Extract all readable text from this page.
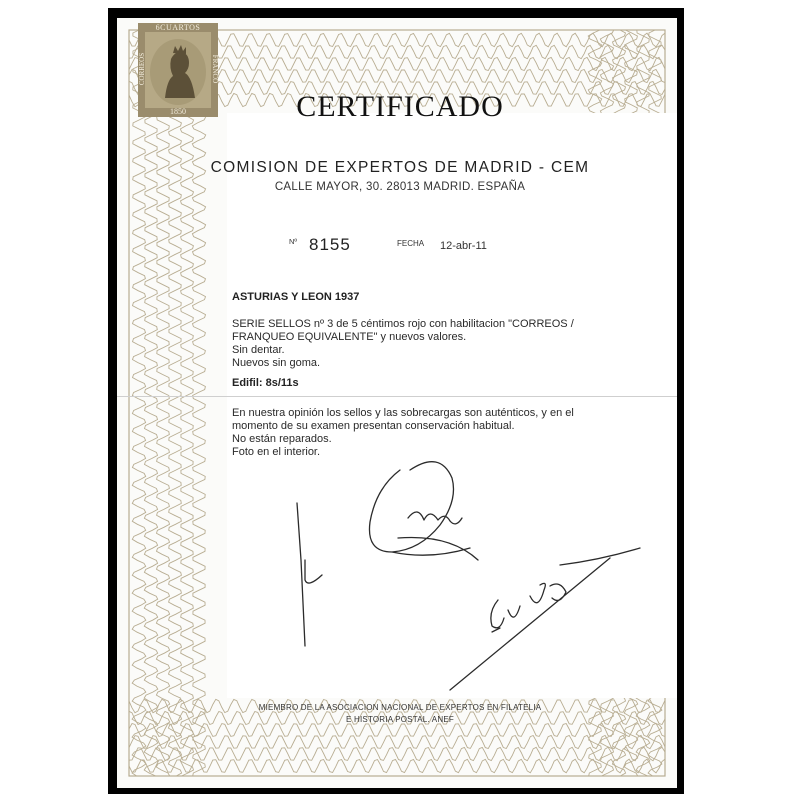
6CUARTOS
CORREOS	FRANCO
1850	CERTIFICADO
COMISION DE EXPERTOS DE MADRID - CEM
CALLE MAYOR, 30. 28013 MADRID. ESPAÑA
Nº 8155	FECHA 12-abr-11
ASTURIAS Y LEON 1937
SERIE SELLOS nº 3 de 5 céntimos rojo con habilitacion "CORREOS /
FRANQUEO EQUIVALENTE" y nuevos valores.
Sin dentar.
Nuevos sin goma.
Edifil: 8s/11s
En nuestra opinión los sellos y las sobrecargas son auténticos, y en el
momento de su examen presentan conservación habitual.
No están reparados.
Foto en el interior.
MIEMBRO DE LA ASOCIACION NACIONAL DE EXPERTOS EN FILATELIA
E HISTORIA POSTAL. ANEF
